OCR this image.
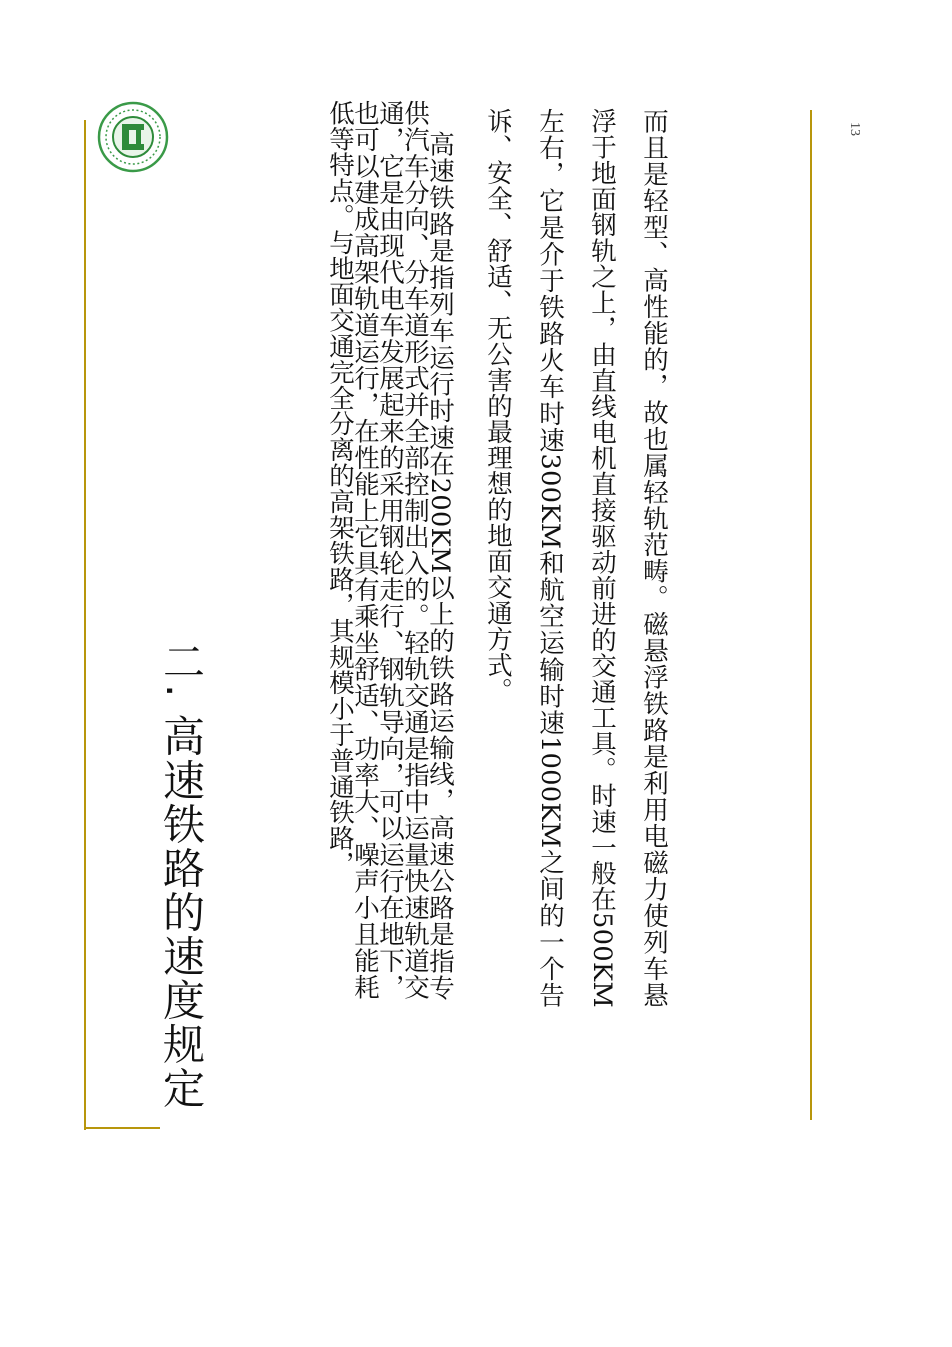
13
二. 高速铁路的速度规定	高速铁路是指列车运行时速在200KM以上的铁路运输线，高速公路是指专供汽车分向、分车道形式并全部控制出入的。轻轨交通是指中运量快速轨道交通，它是由现代电车发展起来的采用钢轮走行、钢轨导向，可以运行在地下，也可以建成高架轨道运行，在性能上它具有乘坐舒适、功率大、噪声小且能耗低等特点。与地面交通完全分离的高架铁路，其规模小于普通铁路，	而且是轻型、高性能的，故也属轻轨范畴。磁悬浮铁路是利用电磁力使列车悬浮于地面钢轨之上，由直线电机直接驱动前进的交通工具。时速一般在500KM左右，它是介于铁路火车时速300KM和航空运输时速1000KM之间的一个告诉、安全、舒适、无公害的最理想的地面交通方式。
